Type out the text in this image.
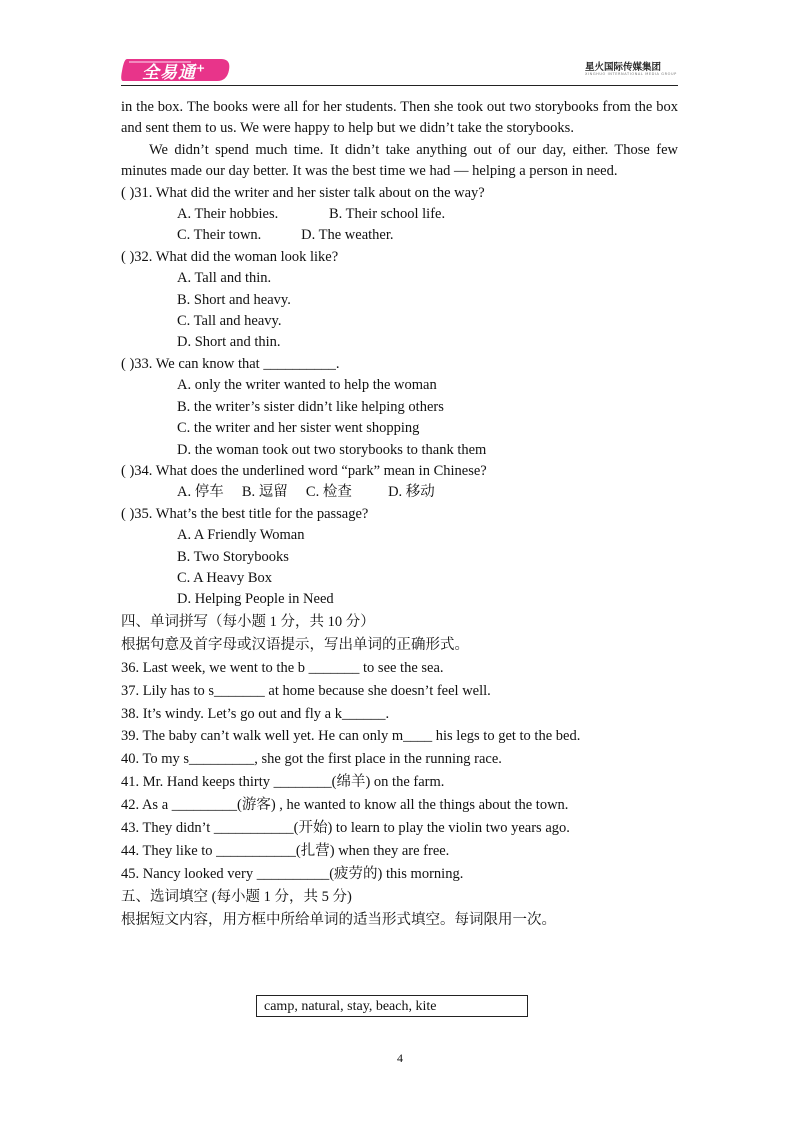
全易通+	星火国际传媒集团
XINGHUO INTERNATIONAL MEDIA GROUP

in the box. The books were all for her students. Then she took out two storybooks from the box and sent them to us. We were happy to help but we didn’t take the storybooks.

We didn’t spend much time. It didn’t take anything out of our day, either. Those few minutes made our day better. It was the best time we had — helping a person in need.

( )31. What did the writer and her sister talk about on the way?

A. Their hobbies.              B. Their school life.

C. Their town.           D. The weather.

( )32. What did the woman look like?

A. Tall and thin.

B. Short and heavy.

C. Tall and heavy.

D. Short and thin.

( )33. We can know that __________.

A. only the writer wanted to help the woman

B. the writer’s sister didn’t like helping others

C. the writer and her sister went shopping

D. the woman took out two storybooks to thank them

( )34. What does the underlined word “park” mean in Chinese?

A. 停车     B. 逗留     C. 检查          D. 移动

( )35. What’s the best title for the passage?

A. A Friendly Woman

B. Two Storybooks

C. A Heavy Box

D. Helping People in Need

四、单词拼写（每小题 1 分，共 10 分）

根据句意及首字母或汉语提示，写出单词的正确形式。

36. Last week, we went to the b _______ to see the sea.

37. Lily has to s_______ at home because she doesn’t feel well.

38. It’s windy. Let’s go out and fly a k______.

39. The baby can’t walk well yet. He can only m____ his legs to get to the bed.

40. To my s_________, she got the first place in the running race.

41. Mr. Hand keeps thirty ________(绵羊) on the farm.

42. As a _________(游客) , he wanted to know all the things about the town.

43. They didn’t ___________(开始) to learn to play the violin two years ago.

44. They like to ___________(扎营) when they are free.

45. Nancy looked very __________(疲劳的) this morning.

五、选词填空 (每小题 1 分，共 5 分)

根据短文内容，用方框中所给单词的适当形式填空。每词限用一次。

camp, natural, stay, beach, kite
4
